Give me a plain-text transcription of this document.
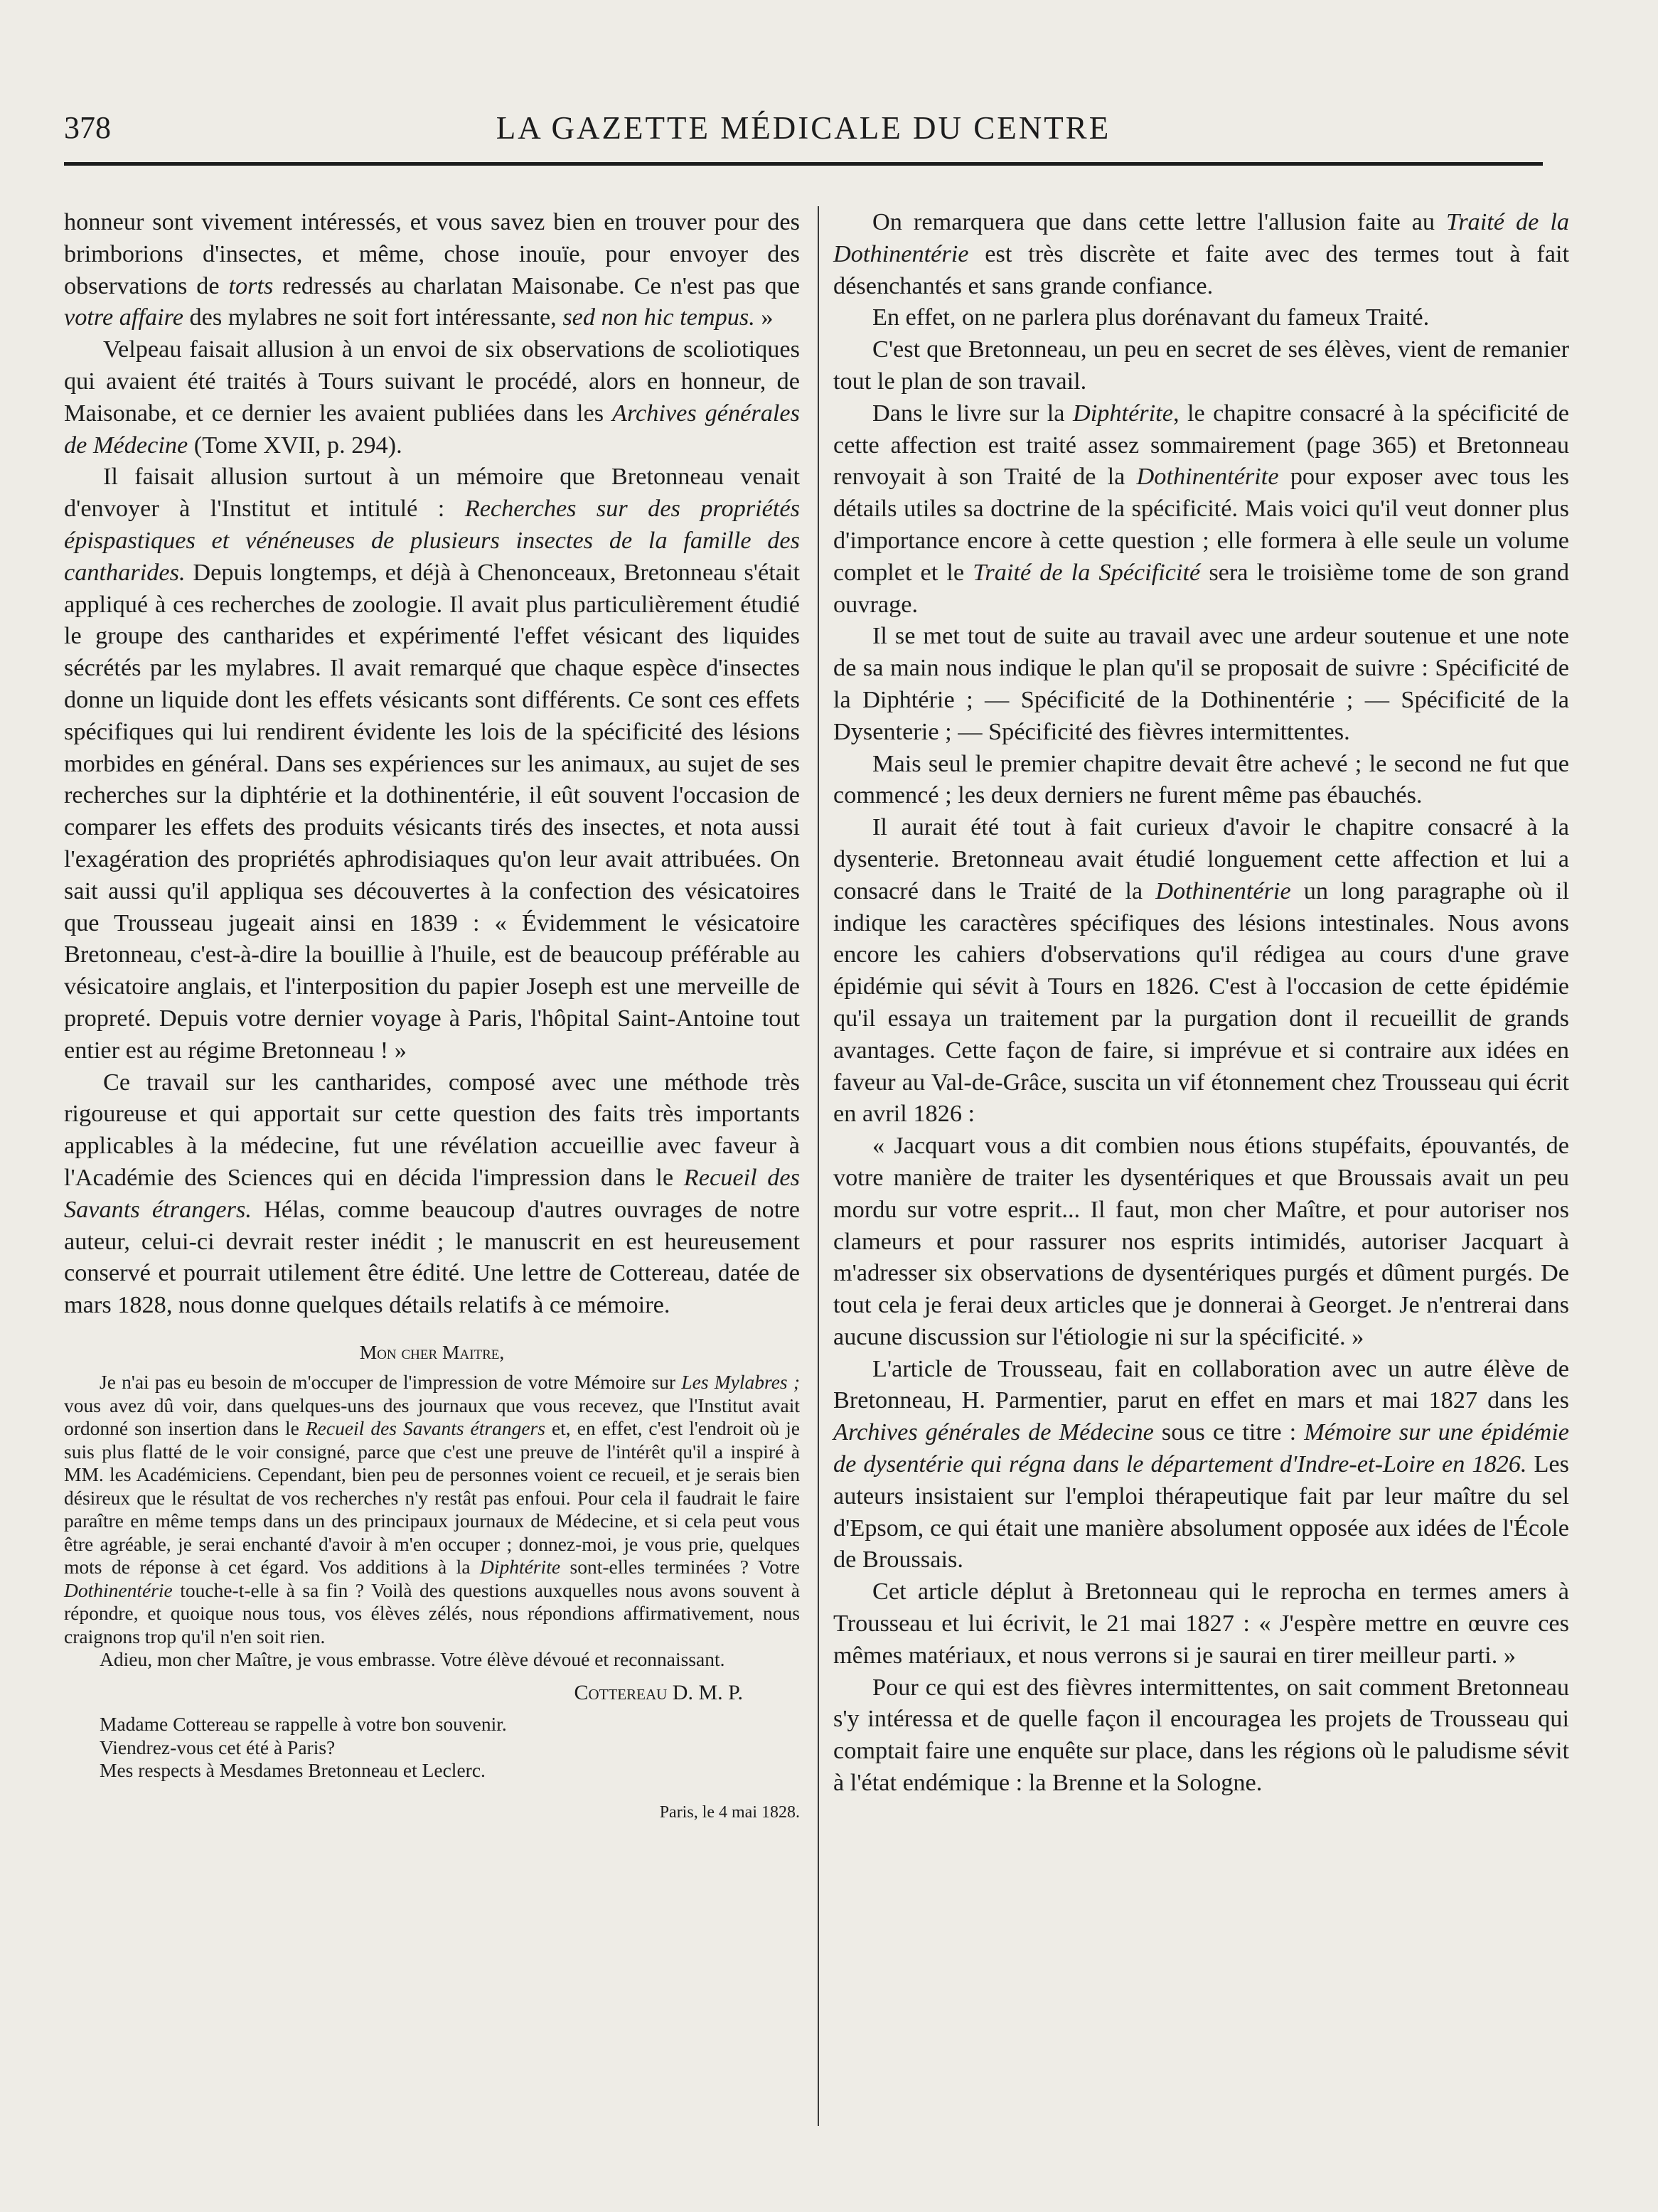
378	LA GAZETTE MÉDICALE DU CENTRE

honneur sont vivement intéressés, et vous savez bien en trouver pour des brimborions d'insectes, et même, chose inouïe, pour envoyer des observations de torts redressés au charlatan Maisonabe. Ce n'est pas que votre affaire des mylabres ne soit fort intéressante, sed non hic tempus. »

Velpeau faisait allusion à un envoi de six observations de scoliotiques qui avaient été traités à Tours suivant le procédé, alors en honneur, de Maisonabe, et ce dernier les avaient publiées dans les Archives générales de Médecine (Tome XVII, p. 294).

Il faisait allusion surtout à un mémoire que Bretonneau venait d'envoyer à l'Institut et intitulé : Recherches sur des propriétés épispastiques et vénéneuses de plusieurs insectes de la famille des cantharides. Depuis longtemps, et déjà à Chenonceaux, Bretonneau s'était appliqué à ces recherches de zoologie. Il avait plus particulièrement étudié le groupe des cantharides et expérimenté l'effet vésicant des liquides sécrétés par les mylabres. Il avait remarqué que chaque espèce d'insectes donne un liquide dont les effets vésicants sont différents. Ce sont ces effets spécifiques qui lui rendirent évidente les lois de la spécificité des lésions morbides en général. Dans ses expériences sur les animaux, au sujet de ses recherches sur la diphtérie et la dothinentérie, il eût souvent l'occasion de comparer les effets des produits vésicants tirés des insectes, et nota aussi l'exagération des propriétés aphrodisiaques qu'on leur avait attribuées. On sait aussi qu'il appliqua ses découvertes à la confection des vésicatoires que Trousseau jugeait ainsi en 1839 : « Évidemment le vésicatoire Bretonneau, c'est-à-dire la bouillie à l'huile, est de beaucoup préférable au vésicatoire anglais, et l'interposition du papier Joseph est une merveille de propreté. Depuis votre dernier voyage à Paris, l'hôpital Saint-Antoine tout entier est au régime Bretonneau ! »

Ce travail sur les cantharides, composé avec une méthode très rigoureuse et qui apportait sur cette question des faits très importants applicables à la médecine, fut une révélation accueillie avec faveur à l'Académie des Sciences qui en décida l'impression dans le Recueil des Savants étrangers. Hélas, comme beaucoup d'autres ouvrages de notre auteur, celui-ci devrait rester inédit ; le manuscrit en est heureusement conservé et pourrait utilement être édité. Une lettre de Cottereau, datée de mars 1828, nous donne quelques détails relatifs à ce mémoire.

Mon cher Maitre,

Je n'ai pas eu besoin de m'occuper de l'impression de votre Mémoire sur Les Mylabres ; vous avez dû voir, dans quelques-uns des journaux que vous recevez, que l'Institut avait ordonné son insertion dans le Recueil des Savants étrangers et, en effet, c'est l'endroit où je suis plus flatté de le voir consigné, parce que c'est une preuve de l'intérêt qu'il a inspiré à MM. les Académiciens. Cependant, bien peu de personnes voient ce recueil, et je serais bien désireux que le résultat de vos recherches n'y restât pas enfoui. Pour cela il faudrait le faire paraître en même temps dans un des principaux journaux de Médecine, et si cela peut vous être agréable, je serai enchanté d'avoir à m'en occuper ; donnez-moi, je vous prie, quelques mots de réponse à cet égard. Vos additions à la Diphtérite sont-elles terminées ? Votre Dothinentérie touche-t-elle à sa fin ? Voilà des questions auxquelles nous avons souvent à répondre, et quoique nous tous, vos élèves zélés, nous répondions affirmativement, nous craignons trop qu'il n'en soit rien.

Adieu, mon cher Maître, je vous embrasse. Votre élève dévoué et reconnaissant.

Cottereau D. M. P.
Madame Cottereau se rappelle à votre bon souvenir.
Viendrez-vous cet été à Paris?
Mes respects à Mesdames Bretonneau et Leclerc.
Paris, le 4 mai 1828.

On remarquera que dans cette lettre l'allusion faite au Traité de la Dothinentérie est très discrète et faite avec des termes tout à fait désenchantés et sans grande confiance.

En effet, on ne parlera plus dorénavant du fameux Traité.

C'est que Bretonneau, un peu en secret de ses élèves, vient de remanier tout le plan de son travail.

Dans le livre sur la Diphtérite, le chapitre consacré à la spécificité de cette affection est traité assez sommairement (page 365) et Bretonneau renvoyait à son Traité de la Dothinentérite pour exposer avec tous les détails utiles sa doctrine de la spécificité. Mais voici qu'il veut donner plus d'importance encore à cette question ; elle formera à elle seule un volume complet et le Traité de la Spécificité sera le troisième tome de son grand ouvrage.

Il se met tout de suite au travail avec une ardeur soutenue et une note de sa main nous indique le plan qu'il se proposait de suivre : Spécificité de la Diphtérie ; — Spécificité de la Dothinentérie ; — Spécificité de la Dysenterie ; — Spécificité des fièvres intermittentes.

Mais seul le premier chapitre devait être achevé ; le second ne fut que commencé ; les deux derniers ne furent même pas ébauchés.

Il aurait été tout à fait curieux d'avoir le chapitre consacré à la dysenterie. Bretonneau avait étudié longuement cette affection et lui a consacré dans le Traité de la Dothinentérie un long paragraphe où il indique les caractères spécifiques des lésions intestinales. Nous avons encore les cahiers d'observations qu'il rédigea au cours d'une grave épidémie qui sévit à Tours en 1826. C'est à l'occasion de cette épidémie qu'il essaya un traitement par la purgation dont il recueillit de grands avantages. Cette façon de faire, si imprévue et si contraire aux idées en faveur au Val-de-Grâce, suscita un vif étonnement chez Trousseau qui écrit en avril 1826 :

« Jacquart vous a dit combien nous étions stupéfaits, épouvantés, de votre manière de traiter les dysentériques et que Broussais avait un peu mordu sur votre esprit... Il faut, mon cher Maître, et pour autoriser nos clameurs et pour rassurer nos esprits intimidés, autoriser Jacquart à m'adresser six observations de dysentériques purgés et dûment purgés. De tout cela je ferai deux articles que je donnerai à Georget. Je n'entrerai dans aucune discussion sur l'étiologie ni sur la spécificité. »

L'article de Trousseau, fait en collaboration avec un autre élève de Bretonneau, H. Parmentier, parut en effet en mars et mai 1827 dans les Archives générales de Médecine sous ce titre : Mémoire sur une épidémie de dysentérie qui régna dans le département d'Indre-et-Loire en 1826. Les auteurs insistaient sur l'emploi thérapeutique fait par leur maître du sel d'Epsom, ce qui était une manière absolument opposée aux idées de l'École de Broussais.

Cet article déplut à Bretonneau qui le reprocha en termes amers à Trousseau et lui écrivit, le 21 mai 1827 : « J'espère mettre en œuvre ces mêmes matériaux, et nous verrons si je saurai en tirer meilleur parti. »

Pour ce qui est des fièvres intermittentes, on sait comment Bretonneau s'y intéressa et de quelle façon il encouragea les projets de Trousseau qui comptait faire une enquête sur place, dans les régions où le paludisme sévit à l'état endémique : la Brenne et la Sologne.
